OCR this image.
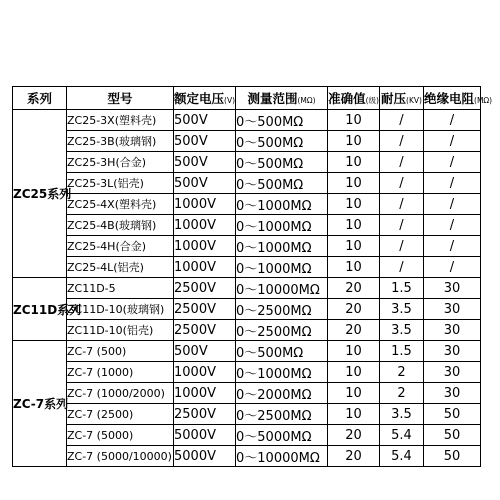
系列	型号	额定电压(V)	测量范围(MΩ)	准确值(级)	耐压(KV)	绝缘电阻(MΩ)
ZC25系列	ZC25-3X(塑料壳)	500V	0～500MΩ	10	/	/
	ZC25-3B(玻璃钢)	500V	0～500MΩ	10	/	/
	ZC25-3H(合金)	500V	0～500MΩ	10	/	/
	ZC25-3L(铝壳)	500V	0～500MΩ	10	/	/
	ZC25-4X(塑料壳)	1000V	0～1000MΩ	10	/	/
	ZC25-4B(玻璃钢)	1000V	0～1000MΩ	10	/	/
	ZC25-4H(合金)	1000V	0～1000MΩ	10	/	/
	ZC25-4L(铝壳)	1000V	0～1000MΩ	10	/	/
ZC11D系列	ZC11D-5	2500V	0～10000MΩ	20	1.5	30
	ZC11D-10(玻璃钢)	2500V	0～2500MΩ	20	3.5	30
	ZC11D-10(铝壳)	2500V	0～2500MΩ	20	3.5	30
ZC-7系列	ZC-7 (500)	500V	0～500MΩ	10	1.5	30
	ZC-7 (1000)	1000V	0～1000MΩ	10	2	30
	ZC-7 (1000/2000)	1000V	0～2000MΩ	10	2	30
	ZC-7 (2500)	2500V	0～2500MΩ	10	3.5	50
	ZC-7 (5000)	5000V	0～5000MΩ	20	5.4	50
	ZC-7 (5000/10000)	5000V	0～10000MΩ	20	5.4	50
